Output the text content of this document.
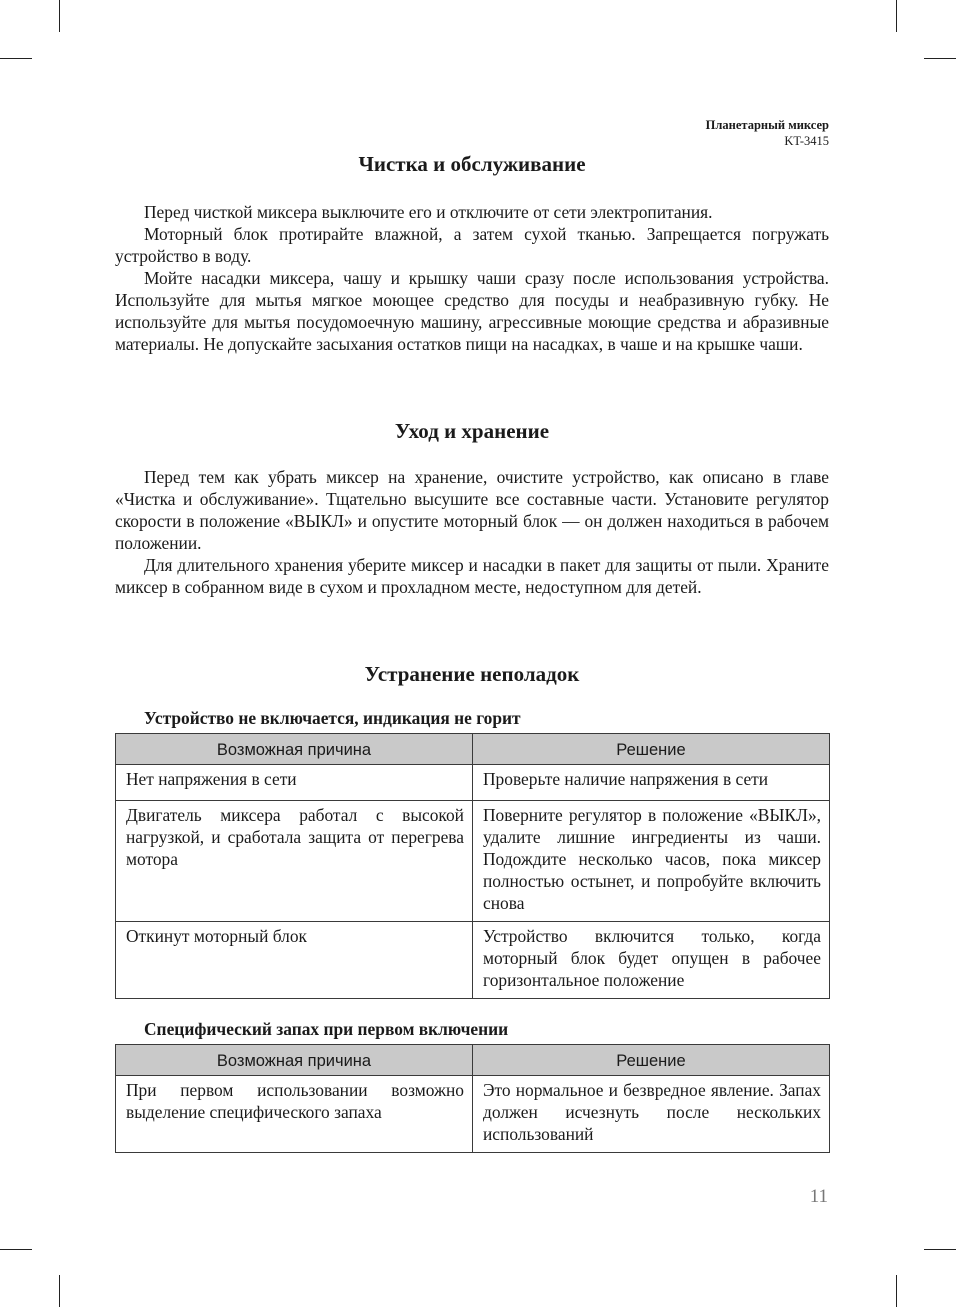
Планетарный миксер
KT-3415
Чистка и обслуживание

Перед чисткой миксера выключите его и отключите от сети электропитания.

Моторный блок протирайте влажной, а затем сухой тканью. Запрещается погружать устройство в воду.

Мойте насадки миксера, чашу и крышку чаши сразу после использования устройства. Используйте для мытья мягкое моющее средство для посуды и неабразивную губку. Не используйте для мытья посудомоечную машину, агрессивные моющие средства и абразивные материалы. Не допускайте засыхания остатков пищи на насадках, в чаше и на крышке чаши.

Уход и хранение

Перед тем как убрать миксер на хранение, очистите устройство, как описано в главе «Чистка и обслуживание». Тщательно высушите все составные части. Установите регулятор скорости в положение «ВЫКЛ» и опустите моторный блок — он должен находиться в рабочем положении.

Для длительного хранения уберите миксер и насадки в пакет для защиты от пыли. Храните миксер в собранном виде в сухом и прохладном месте, недоступном для детей.

Устранение неполадок
Устройство не включается, индикация не горит
Возможная причина	Решение
Нет напряжения в сети	Проверьте наличие напряжения в сети
Двигатель миксера работал с высокой нагрузкой, и сработала защита от перегрева мотора	Поверните регулятор в положение «ВЫКЛ», удалите лишние ингредиенты из чаши. Подождите несколько часов, пока миксер полностью остынет, и попробуйте включить снова
Откинут моторный блок	Устройство включится только, когда моторный блок будет опущен в рабочее горизонтальное положение
Специфический запах при первом включении
Возможная причина	Решение
При первом использовании возможно выделение специфического запаха	Это нормальное и безвредное явление. Запах должен исчезнуть после нескольких использований
11
